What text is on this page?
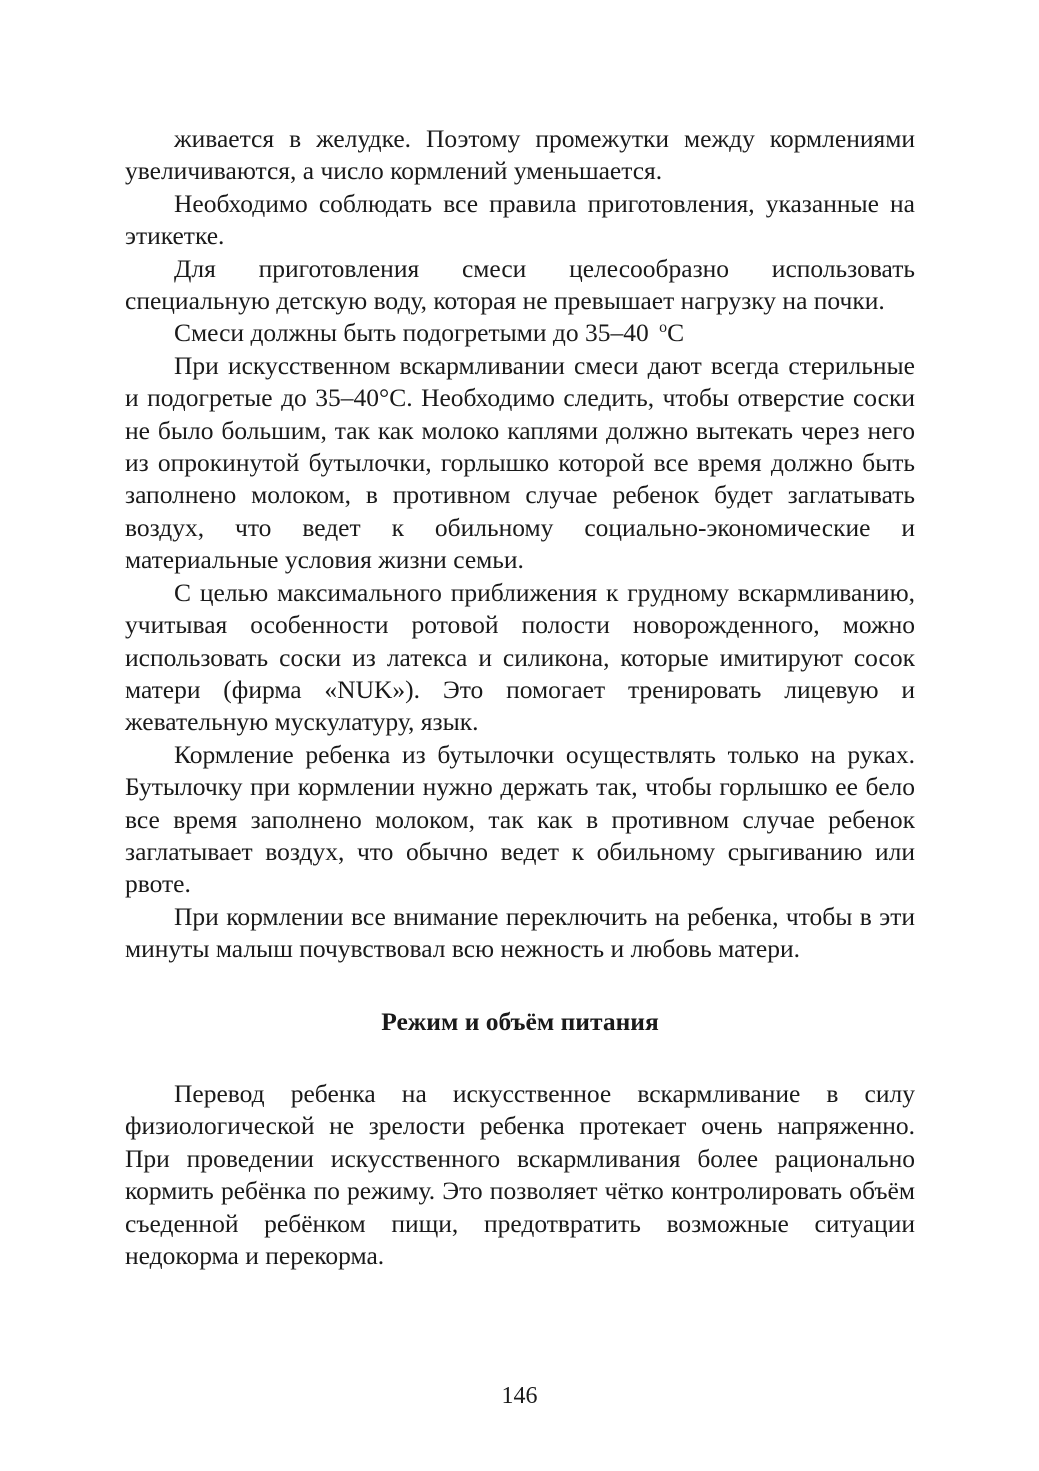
живается в желудке. Поэтому промежутки между кормлениями увеличиваются, а число кормлений уменьшается.

Необходимо соблюдать все правила приготовления, указанные на этикетке.

Для приготовления смеси целесообразно использовать специальную детскую воду, которая не превышает нагрузку на почки.

Смеси должны быть подогретыми до 35–40 $^о$С

При искусственном вскармливании смеси дают всегда стерильные и подогретые до 35–40°С. Необходимо следить, чтобы отверстие соски не было большим, так как молоко каплями должно вытекать через него из опрокинутой бутылочки, горлышко которой все время должно быть заполнено молоком, в противном случае ребенок будет заглатывать воздух, что ведет к обильному социально-экономические и материальные условия жизни семьи.

С целью максимального приближения к грудному вскармливанию, учитывая особенности ротовой полости новорожденного, можно использовать соски из латекса и силикона, которые имитируют сосок матери (фирма «NUK»). Это помогает тренировать лицевую и жевательную мускулатуру, язык.

Кормление ребенка из бутылочки осуществлять только на руках. Бутылочку при кормлении нужно держать так, чтобы горлышко ее бело все время заполнено молоком, так как в противном случае ребенок заглатывает воздух, что обычно ведет к обильному срыгиванию или рвоте.

При кормлении все внимание переключить на ребенка, чтобы в эти минуты малыш почувствовал всю нежность и любовь матери.

Режим и объём питания

Перевод ребенка на искусственное вскармливание в силу физиологической не зрелости ребенка протекает очень напряженно. При проведении искусственного вскармливания более рационально кормить ребёнка по режиму. Это позволяет чётко контролировать объём съеденной ребёнком пищи, предотвратить возможные ситуации недокорма и перекорма.

146
